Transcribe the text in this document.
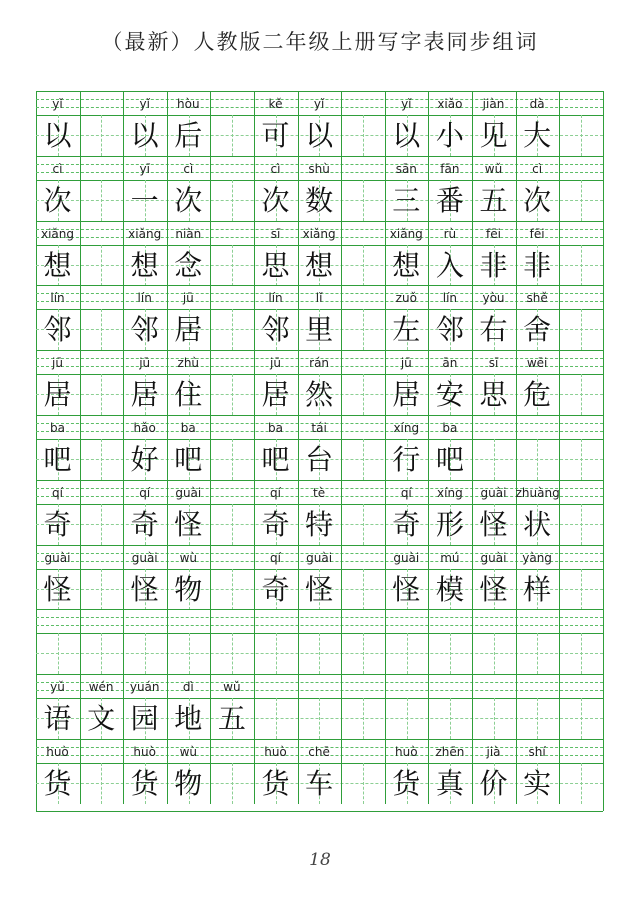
（最新）人教版二年级上册写字表同步组词
yǐ
以
yǐ
以
hòu
后
kě
可
yǐ
以
yǐ
以
xiǎo
小
jiàn
见
dà
大
cì
次
yī
一
cì
次
cì
次
shù
数
sān
三
fān
番
wǔ
五
cì
次
xiǎng
想
xiǎng
想
niàn
念
sī
思
xiǎng
想
xiǎng
想
rù
入
fēi
非
fēi
非
lín
邻
lín
邻
jū
居
lín
邻
lǐ
里
zuǒ
左
lín
邻
yòu
右
shě
舍
jū
居
jū
居
zhù
住
jū
居
rán
然
jū
居
ān
安
sī
思
wēi
危
ba
吧
hǎo
好
ba
吧
ba
吧
tái
台
xíng
行
ba
吧
qí
奇
qí
奇
guài
怪
qí
奇
tè
特
qí
奇
xíng
形
guài
怪
zhuàng
状
guài
怪
guài
怪
wù
物
qí
奇
guài
怪
guài
怪
mú
模
guài
怪
yàng
样
yǔ
语
wén
文
yuán
园
dì
地
wǔ
五
huò
货
huò
货
wù
物
huò
货
chē
车
huò
货
zhēn
真
jià
价
shí
实
18
